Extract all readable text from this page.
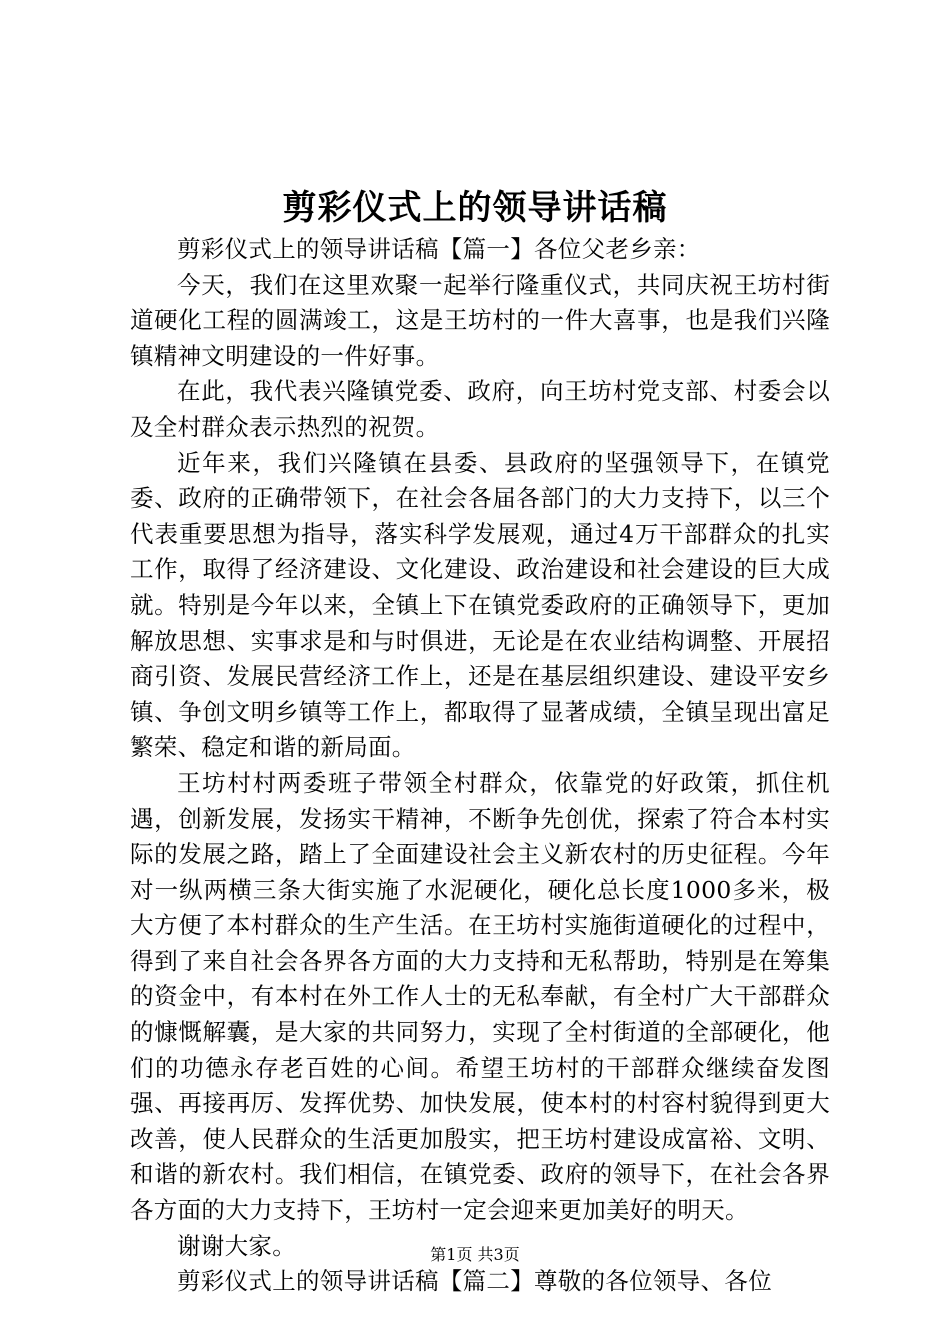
剪彩仪式上的领导讲话稿

剪彩仪式上的领导讲话稿【篇一】各位父老乡亲：

今天，我们在这里欢聚一起举行隆重仪式，共同庆祝王坊村街道硬化工程的圆满竣工，这是王坊村的一件大喜事，也是我们兴隆镇精神文明建设的一件好事。

在此，我代表兴隆镇党委、政府，向王坊村党支部、村委会以及全村群众表示热烈的祝贺。

近年来，我们兴隆镇在县委、县政府的坚强领导下，在镇党委、政府的正确带领下，在社会各届各部门的大力支持下，以三个代表重要思想为指导，落实科学发展观，通过4万干部群众的扎实工作，取得了经济建设、文化建设、政治建设和社会建设的巨大成就。特别是今年以来，全镇上下在镇党委政府的正确领导下，更加解放思想、实事求是和与时俱进，无论是在农业结构调整、开展招商引资、发展民营经济工作上，还是在基层组织建设、建设平安乡镇、争创文明乡镇等工作上，都取得了显著成绩，全镇呈现出富足繁荣、稳定和谐的新局面。

王坊村村两委班子带领全村群众，依靠党的好政策，抓住机遇，创新发展，发扬实干精神，不断争先创优，探索了符合本村实际的发展之路，踏上了全面建设社会主义新农村的历史征程。今年对一纵两横三条大街实施了水泥硬化，硬化总长度1000多米，极大方便了本村群众的生产生活。在王坊村实施街道硬化的过程中，得到了来自社会各界各方面的大力支持和无私帮助，特别是在筹集的资金中，有本村在外工作人士的无私奉献，有全村广大干部群众的慷慨解囊，是大家的共同努力，实现了全村街道的全部硬化，他们的功德永存老百姓的心间。希望王坊村的干部群众继续奋发图强、再接再厉、发挥优势、加快发展，使本村的村容村貌得到更大改善，使人民群众的生活更加殷实，把王坊村建设成富裕、文明、和谐的新农村。我们相信，在镇党委、政府的领导下，在社会各界各方面的大力支持下，王坊村一定会迎来更加美好的明天。

谢谢大家。

剪彩仪式上的领导讲话稿【篇二】尊敬的各位领导、各位

第1页 共3页
